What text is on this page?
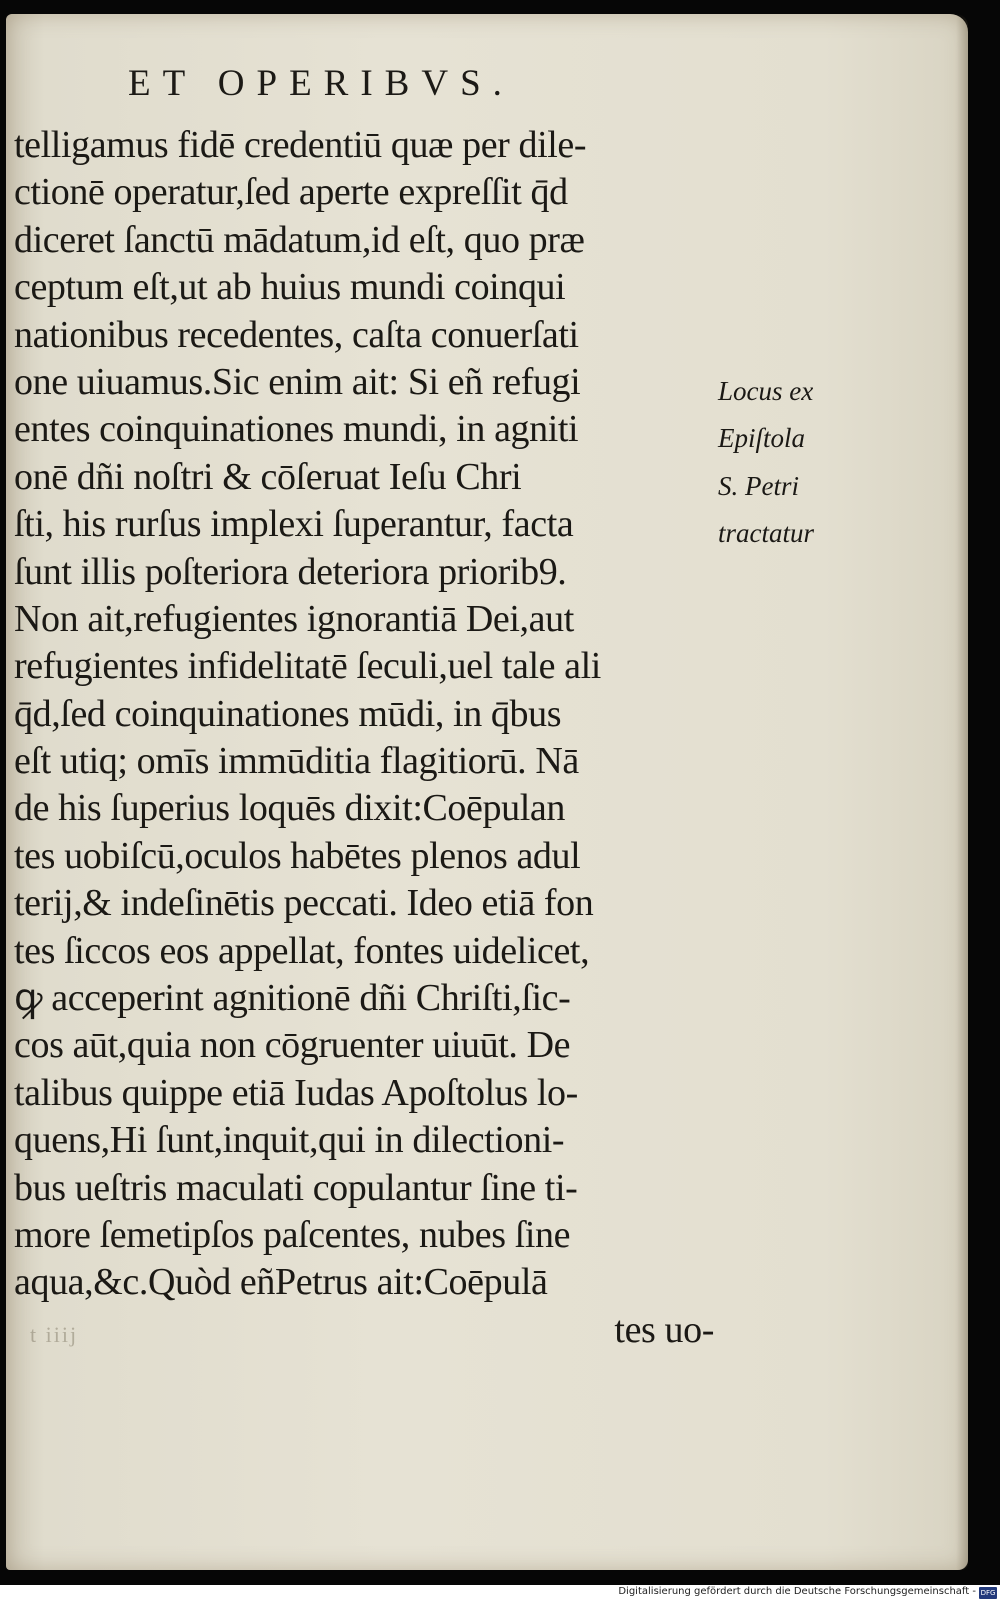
ET OPERIBVS.
telligamus fidē credentiū quæ per dile-
ctionē operatur,ſed aperte expreſſit q̄d
diceret ſanctū mādatum,id eſt, quo præ
ceptum eſt,ut ab huius mundi coinqui
nationibus recedentes, caſta conuerſati
one uiuamus.Sic enim ait: Si eñ refugi
entes coinquinationes mundi, in agniti
onē dñi noſtri & cōſeruat Ieſu Chri
ſti, his rurſus implexi ſuperantur, facta
ſunt illis poſteriora deteriora priorib9.
Non ait,refugientes ignorantiā Dei,aut
refugientes infidelitatē ſeculi,uel tale ali
q̄d,ſed coinquinationes mūdi, in q̄bus
eſt utiq; omīs immūditia flagitiorū. Nā
de his ſuperius loquēs dixit:Coēpulan
tes uobiſcū,oculos habētes plenos adul
terij,& indeſinētis peccati. Ideo etiā fon
tes ſiccos eos appellat, fontes uidelicet,
ꝙ acceperint agnitionē dñi Chriſti,ſic-
cos aūt,quia non cōgruenter uiuūt. De
talibus quippe etiā Iudas Apoſtolus lo-
quens,Hi ſunt,inquit,qui in dilectioni-
bus ueſtris maculati copulantur ſine ti-
more ſemetipſos paſcentes, nubes ſine
aqua,&c.Quòd eñPetrus ait:Coēpulā
tes uo-
Locus ex
Epiſtola
S. Petri
tractatur
t iiij
Digitalisierung gefördert durch die Deutsche Forschungsgemeinschaft - DFG
